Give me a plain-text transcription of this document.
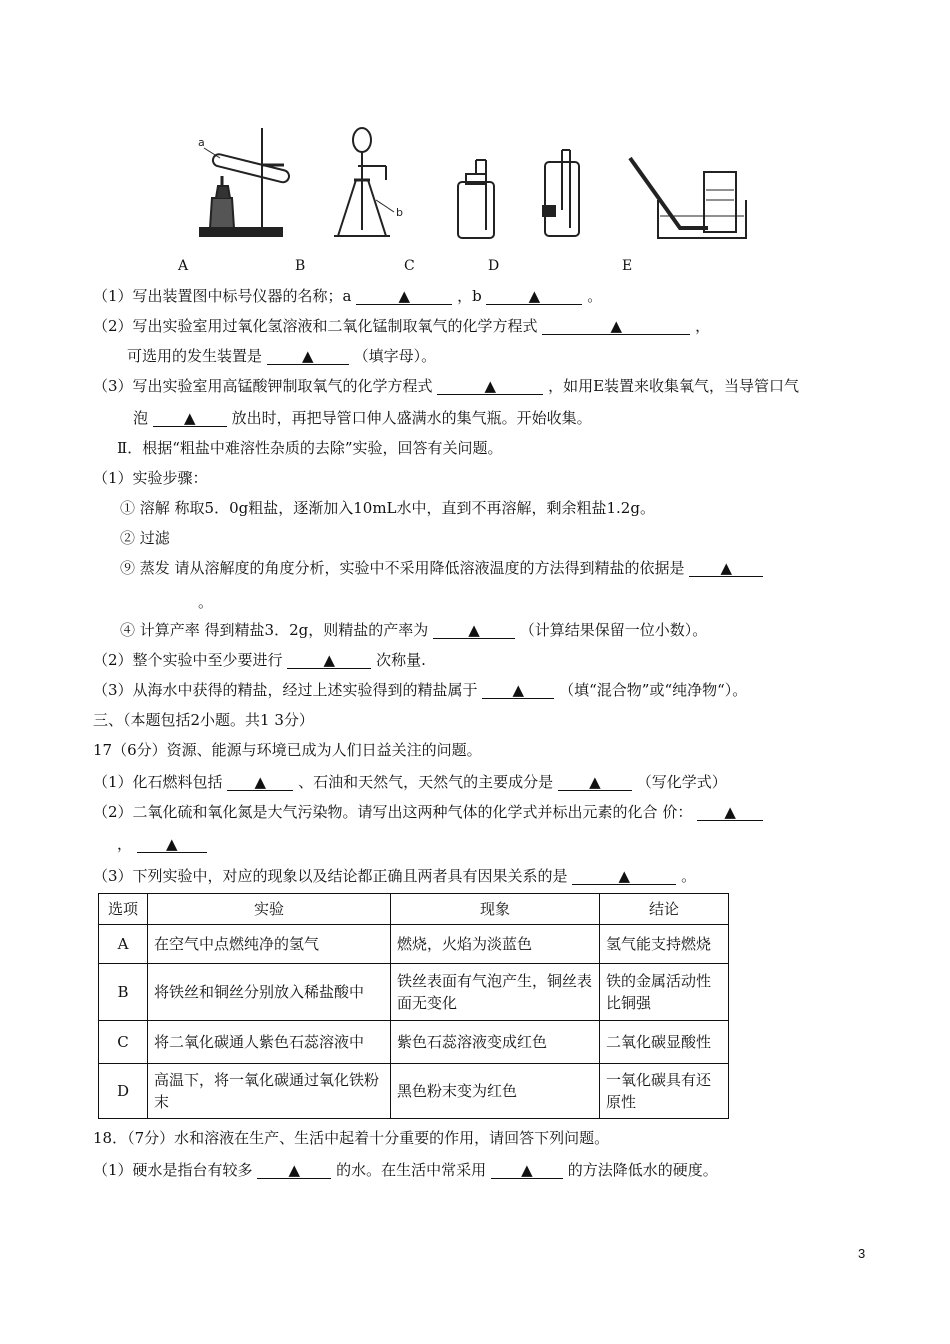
a
b
A	B	C	D	E
（1）写出装置图中标号仪器的名称；a	▲	，b	▲	。
（2）写出实验室用过氧化氢溶液和二氧化锰制取氧气的化学方程式	▲	，
可选用的发生装置是	▲	（填字母）。
（3）写出实验室用高锰酸钾制取氧气的化学方程式	▲	，如用E装置来收集氧气，当导管口气
泡 ▲ 放出时，再把导管口伸人盛满水的集气瓶。开始收集。
Ⅱ．根据“粗盐中难溶性杂质的去除”实验，回答有关问题。
（1）实验步骤：
① 溶解 称取5．0g粗盐，逐渐加入10mL水中，直到不再溶解，剩余粗盐1.2g。
② 过滤
⑨ 蒸发 请从溶解度的角度分析，实验中不采用降低溶液温度的方法得到精盐的依据是 ▲
。
④ 计算产率 得到精盐3．2g，则精盐的产率为	▲	（计算结果保留一位小数）。
（2）整个实验中至少要进行	▲	次称量.
（3）从海水中获得的精盐，经过上述实验得到的精盐属于 ▲ （填“混合物”或“纯净物“）。
三、（本题包括2小题。共1 3分）
17（6分）资源、能源与环境已成为人们日益关注的问题。
（1）化石燃料包括 ▲ 、石油和天然气，天然气的主要成分是 ▲ （写化学式）
（2）二氧化硫和氧化氮是大气污染物。请写出这两种气体的化学式并标出元素的化合 价： ▲
， ▲
（3）下列实验中，对应的现象以及结论都正确且两者具有因果关系的是	▲	。
选项	实验	现象	结论
A	在空气中点燃纯净的氢气	燃烧，火焰为淡蓝色	氢气能支持燃烧
B	将铁丝和铜丝分别放入稀盐酸中	铁丝表面有气泡产生，铜丝表面无变化	铁的金属活动性比铜强
C	将二氧化碳通人紫色石蕊溶液中	紫色石蕊溶液变成红色	二氧化碳显酸性
D	高温下，将一氧化碳通过氧化铁粉末	黑色粉末变为红色	一氧化碳具有还原性
18．（7分）水和溶液在生产、生活中起着十分重要的作用，请回答下列问题。
（1）硬水是指台有较多 ▲ 的水。在生活中常采用 ▲ 的方法降低水的硬度。
3
